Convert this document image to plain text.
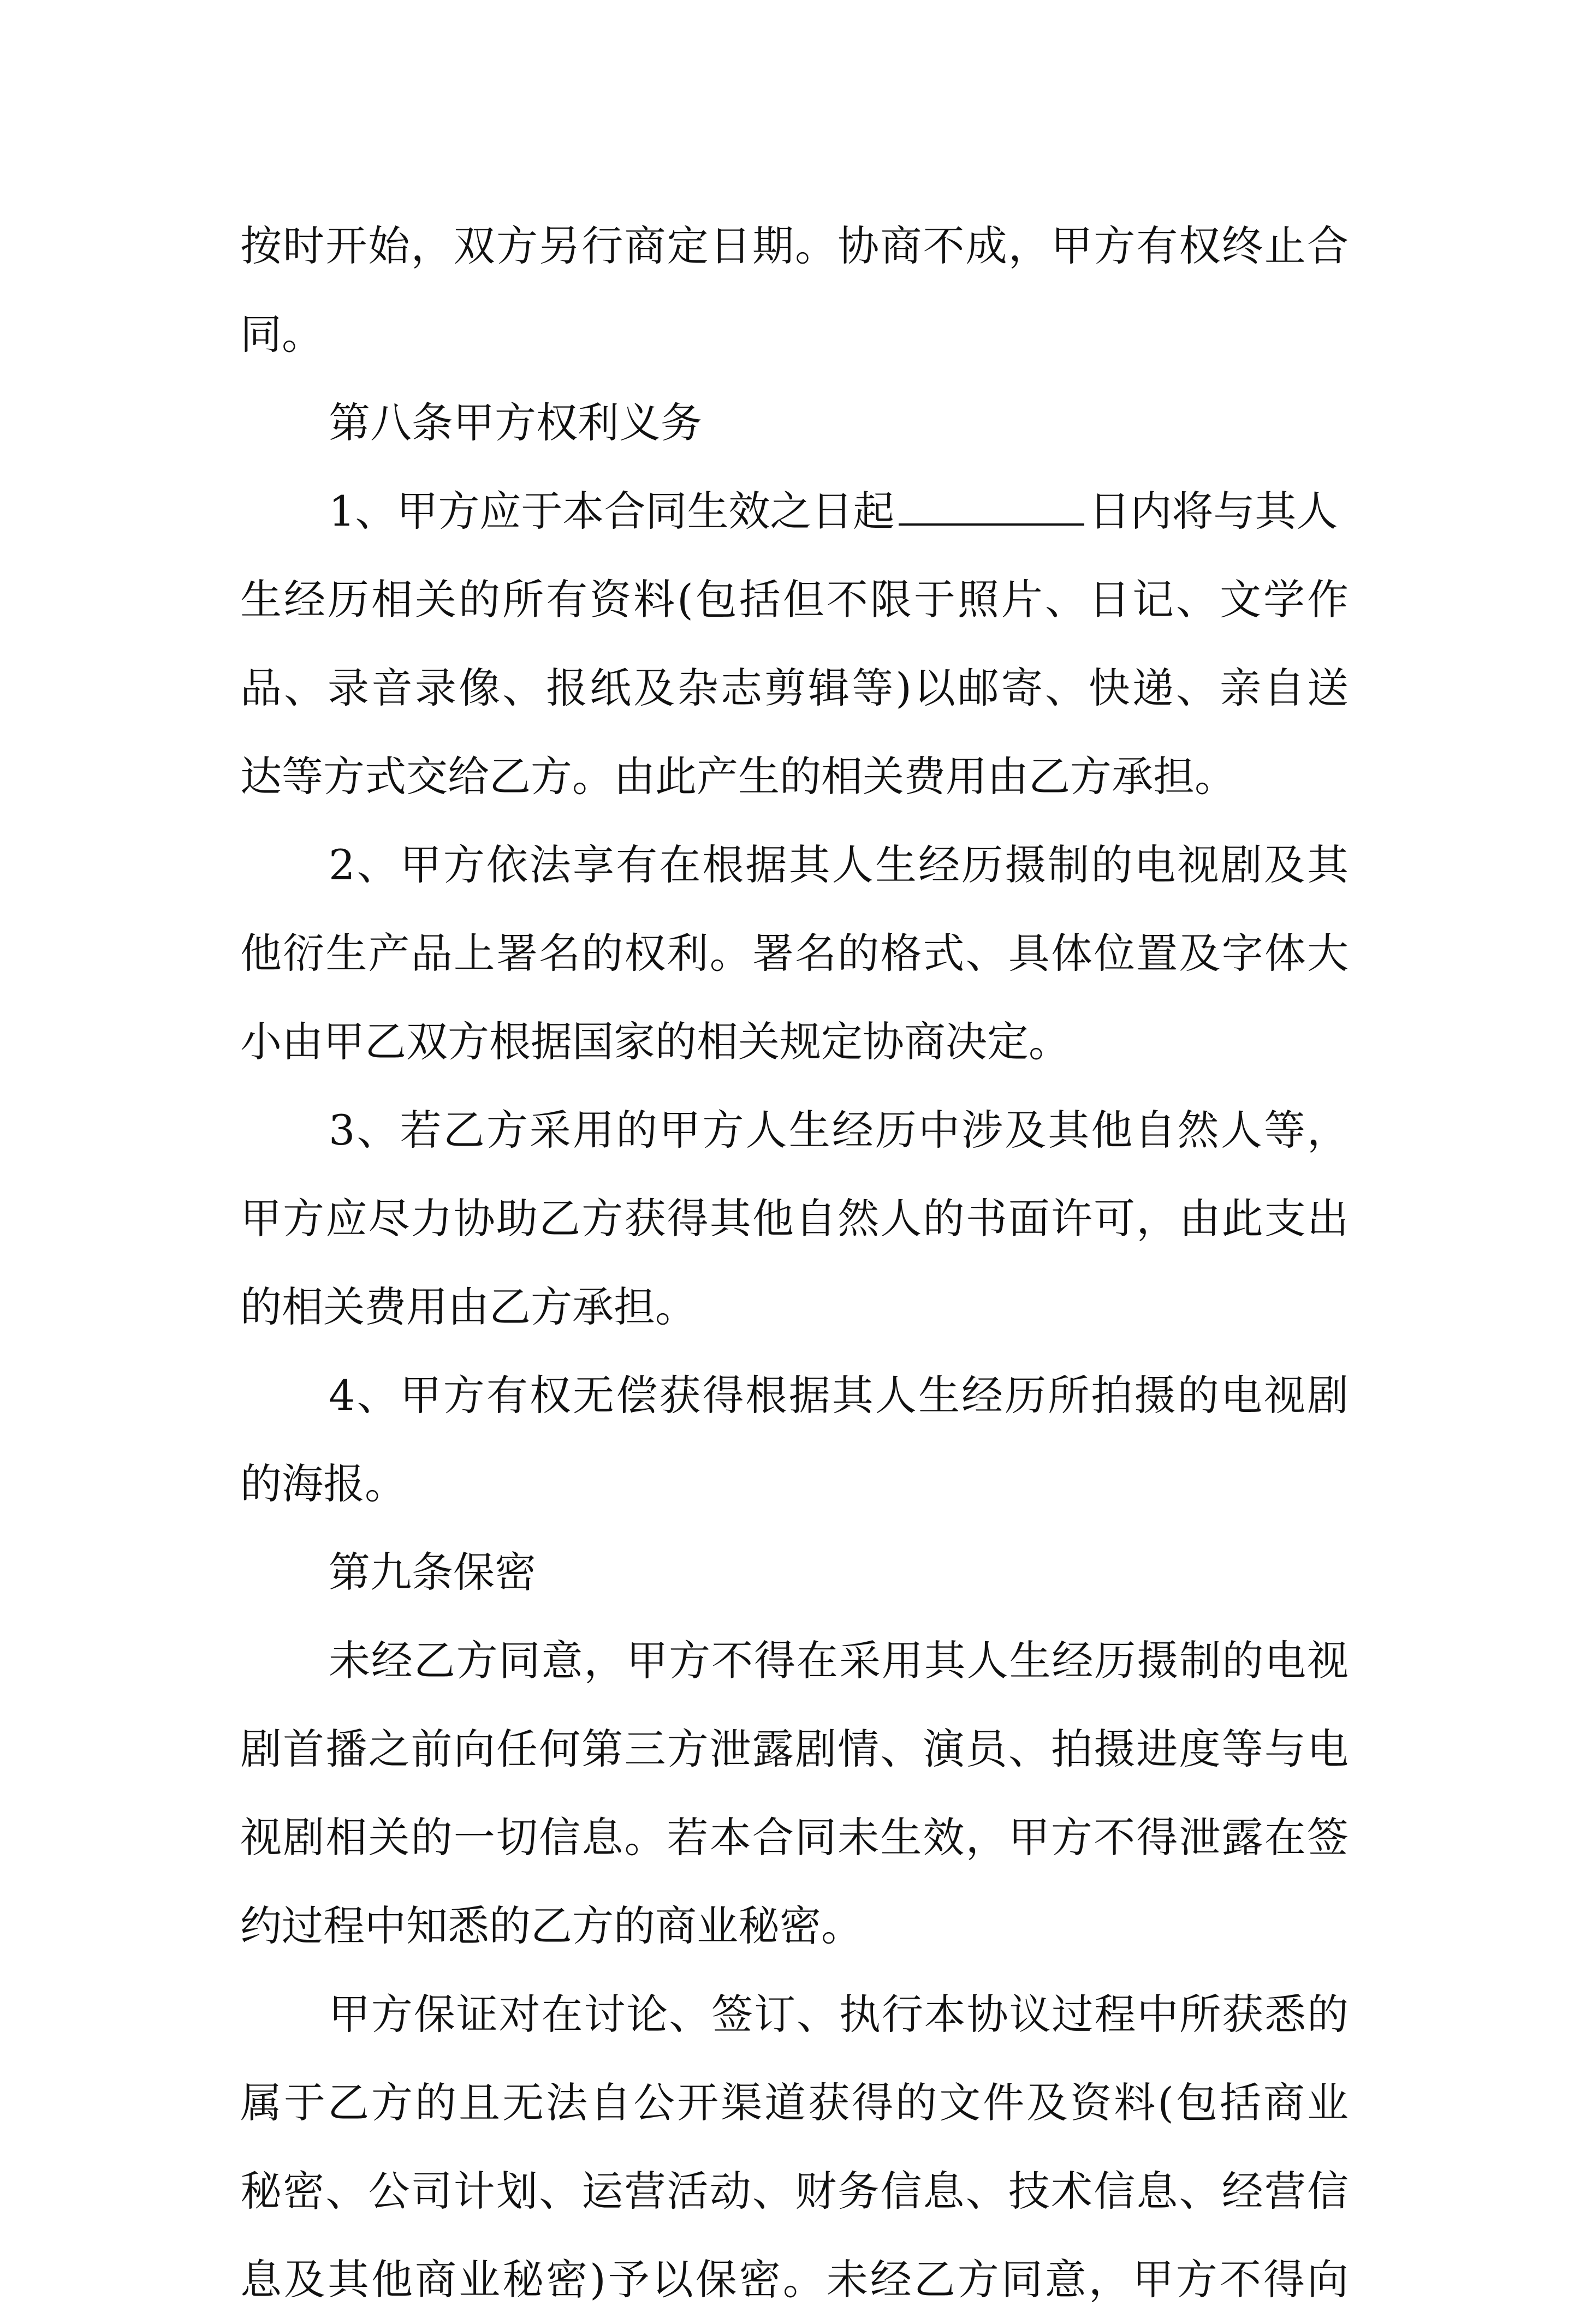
按时开始，双方另行商定日期。协商不成，甲方有权终止合
同。
第八条甲方权利义务
1、甲方应于本合同生效之日起	日内将与其人
生经历相关的所有资料(包括但不限于照片、日记、文学作
品、录音录像、报纸及杂志剪辑等)以邮寄、快递、亲自送
达等方式交给乙方。由此产生的相关费用由乙方承担。
2、甲方依法享有在根据其人生经历摄制的电视剧及其
他衍生产品上署名的权利。署名的格式、具体位置及字体大
小由甲乙双方根据国家的相关规定协商决定。
3、若乙方采用的甲方人生经历中涉及其他自然人等，
甲方应尽力协助乙方获得其他自然人的书面许可，由此支出
的相关费用由乙方承担。
4、甲方有权无偿获得根据其人生经历所拍摄的电视剧
的海报。
第九条保密
未经乙方同意，甲方不得在采用其人生经历摄制的电视
剧首播之前向任何第三方泄露剧情、演员、拍摄进度等与电
视剧相关的一切信息。若本合同未生效，甲方不得泄露在签
约过程中知悉的乙方的商业秘密。
甲方保证对在讨论、签订、执行本协议过程中所获悉的
属于乙方的且无法自公开渠道获得的文件及资料(包括商业
秘密、公司计划、运营活动、财务信息、技术信息、经营信
息及其他商业秘密)予以保密。未经乙方同意，甲方不得向
